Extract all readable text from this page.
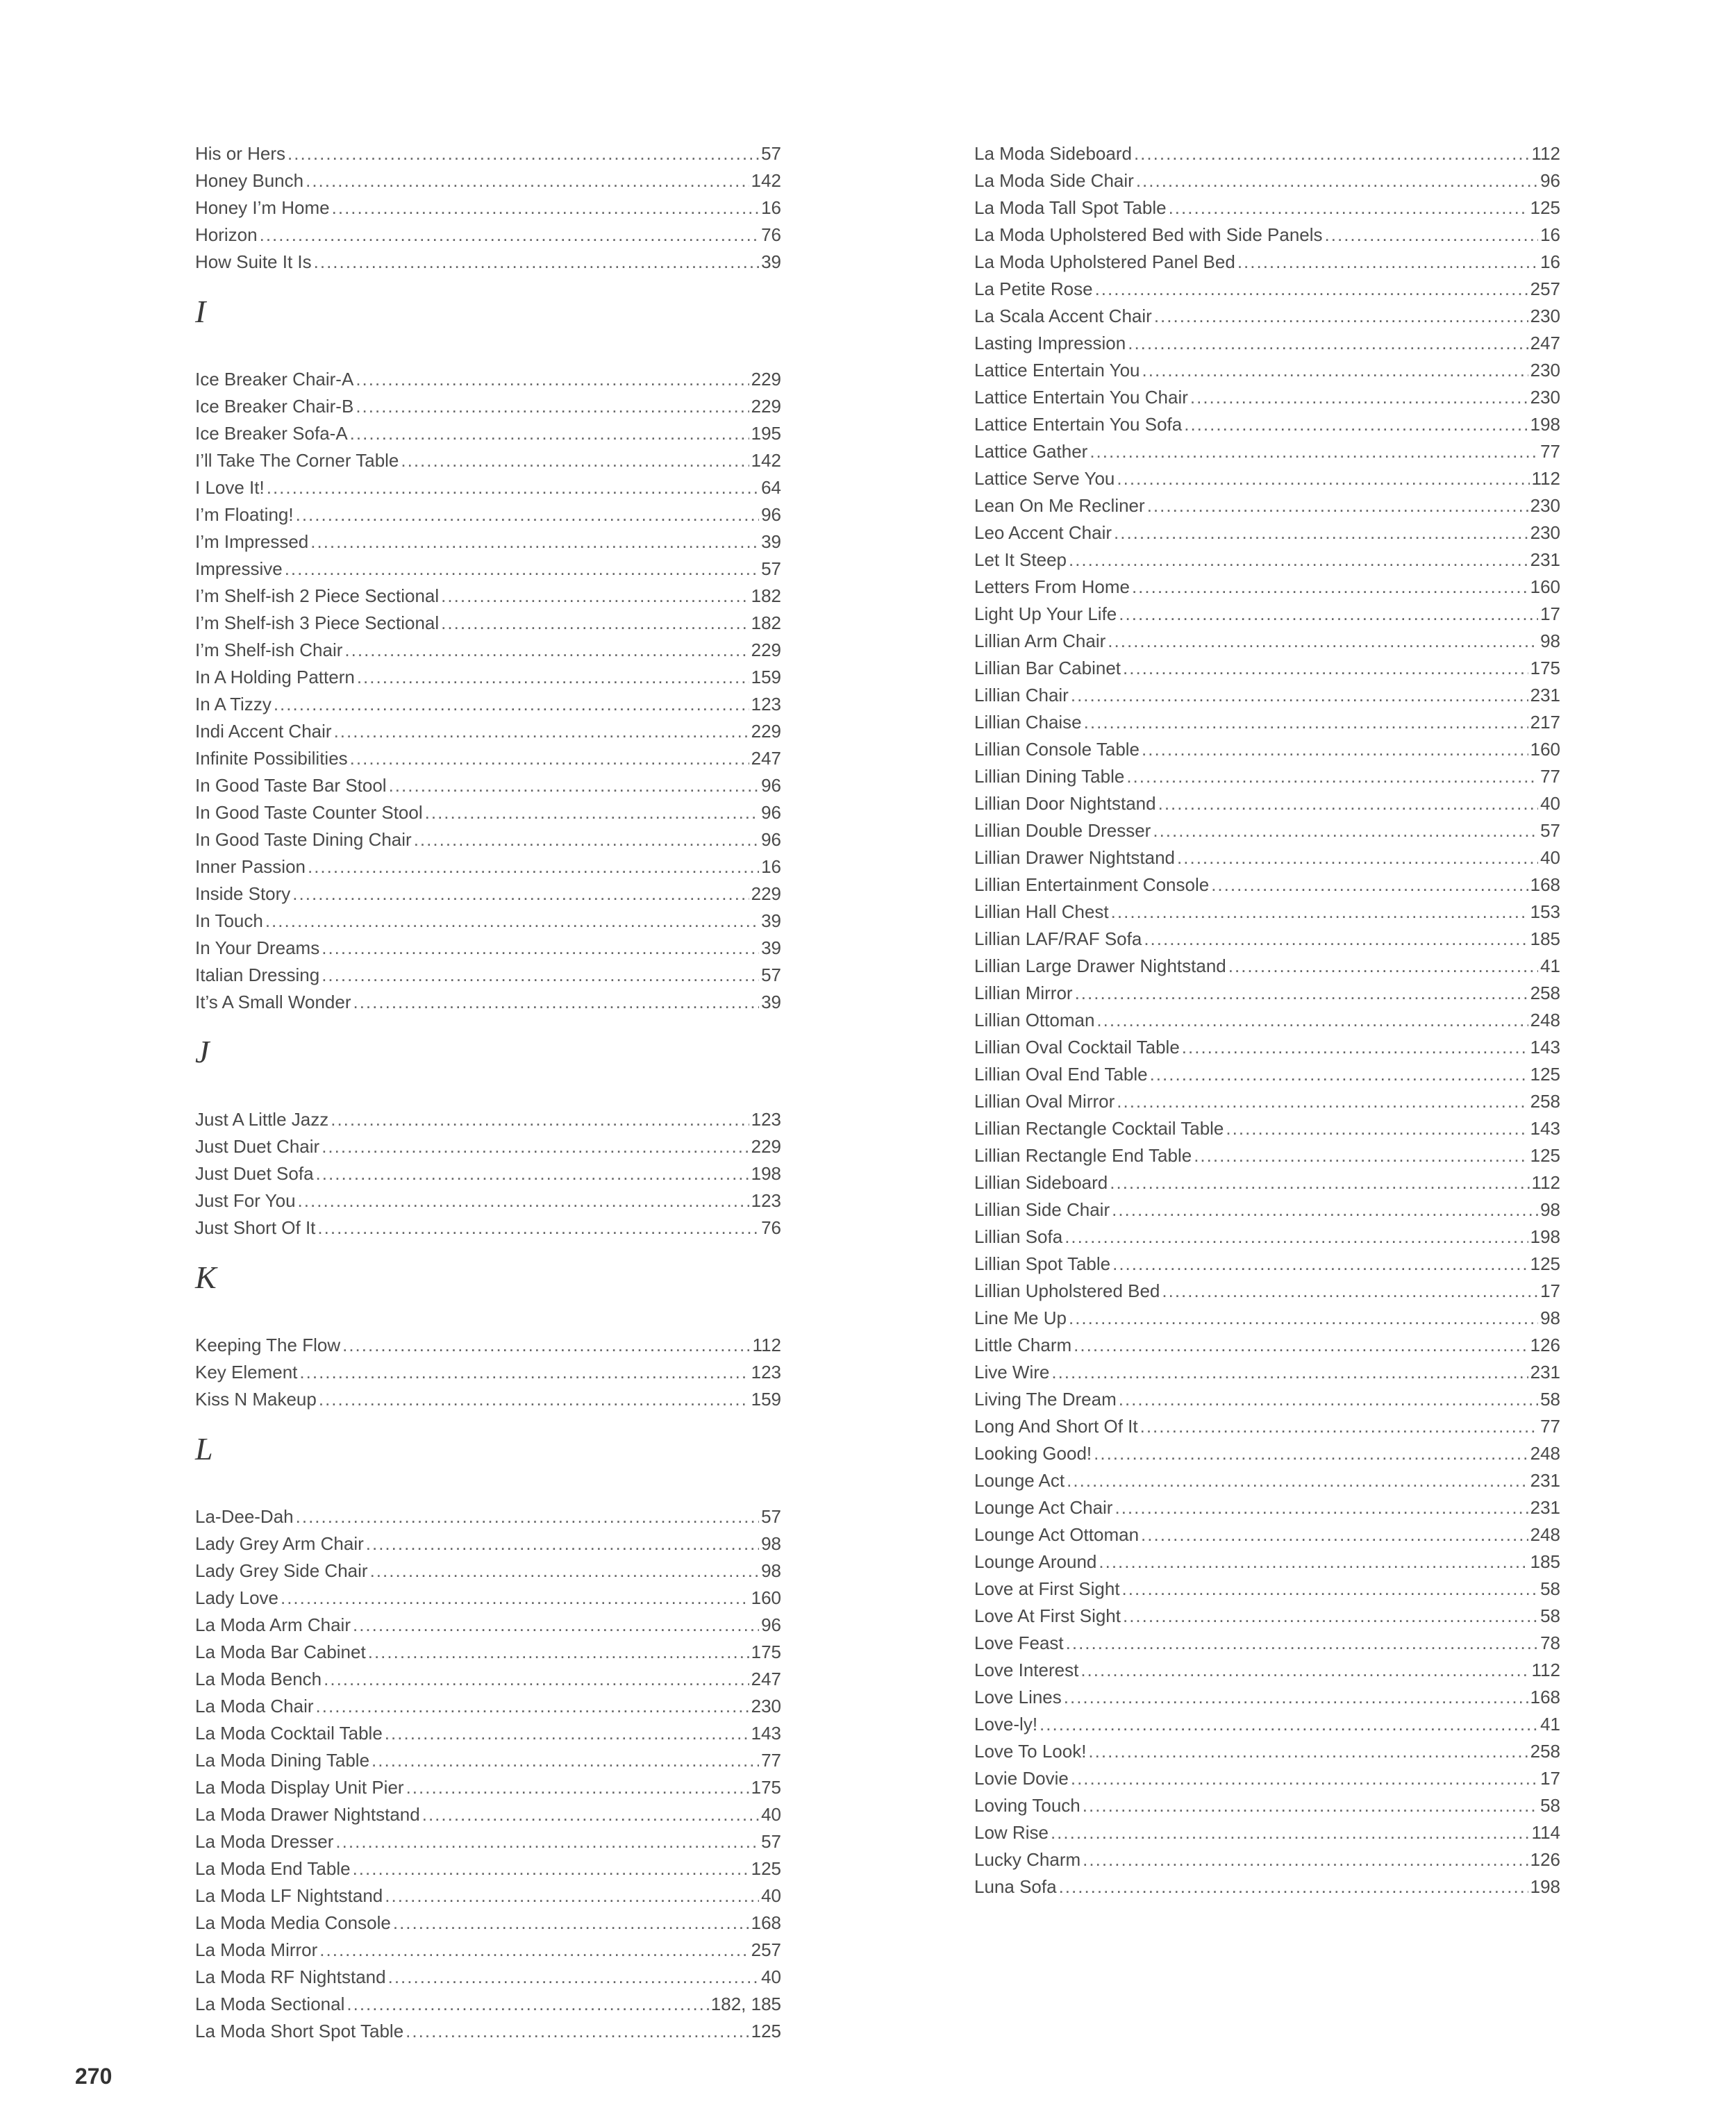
His or Hers .....	57
Honey Bunch .....	142
Honey I’m Home .....	16
Horizon .....	76
How Suite It Is .....	39
I
Ice Breaker Chair-A .....	229
Ice Breaker Chair-B .....	229
Ice Breaker Sofa-A .....	195
I’ll Take The Corner Table .....	142
I Love It! .....	64
I’m Floating! .....	96
I’m Impressed .....	39
Impressive .....	57
I’m Shelf-ish 2 Piece Sectional .....	182
I’m Shelf-ish 3 Piece Sectional .....	182
I’m Shelf-ish Chair .....	229
In A Holding Pattern .....	159
In A Tizzy .....	123
Indi Accent Chair .....	229
Infinite Possibilities .....	247
In Good Taste Bar Stool .....	96
In Good Taste Counter Stool .....	96
In Good Taste Dining Chair .....	96
Inner Passion .....	16
Inside Story .....	229
In Touch .....	39
In Your Dreams .....	39
Italian Dressing .....	57
It’s A Small Wonder .....	39
J
Just A Little Jazz .....	123
Just Duet Chair .....	229
Just Duet Sofa .....	198
Just For You .....	123
Just Short Of It .....	76
K
Keeping The Flow .....	112
Key Element .....	123
Kiss N Makeup .....	159
L
La-Dee-Dah .....	57
Lady Grey Arm Chair .....	98
Lady Grey Side Chair .....	98
Lady Love .....	160
La Moda Arm Chair .....	96
La Moda Bar Cabinet .....	175
La Moda Bench .....	247
La Moda Chair .....	230
La Moda Cocktail Table .....	143
La Moda Dining Table .....	77
La Moda Display Unit Pier .....	175
La Moda Drawer Nightstand .....	40
La Moda Dresser .....	57
La Moda End Table .....	125
La Moda LF Nightstand .....	40
La Moda Media Console .....	168
La Moda Mirror .....	257
La Moda RF Nightstand .....	40
La Moda Sectional .....	182, 185
La Moda Short Spot Table .....	125
La Moda Sideboard .....	112
La Moda Side Chair .....	96
La Moda Tall Spot Table .....	125
La Moda Upholstered Bed with Side Panels .....	16
La Moda Upholstered Panel Bed .....	16
La Petite Rose .....	257
La Scala Accent Chair .....	230
Lasting Impression .....	247
Lattice Entertain You .....	230
Lattice Entertain You Chair .....	230
Lattice Entertain You Sofa .....	198
Lattice Gather .....	77
Lattice Serve You .....	112
Lean On Me Recliner .....	230
Leo Accent Chair .....	230
Let It Steep .....	231
Letters From Home .....	160
Light Up Your Life .....	17
Lillian Arm Chair .....	98
Lillian Bar Cabinet .....	175
Lillian Chair .....	231
Lillian Chaise .....	217
Lillian Console Table .....	160
Lillian Dining Table .....	77
Lillian Door Nightstand .....	40
Lillian Double Dresser .....	57
Lillian Drawer Nightstand .....	40
Lillian Entertainment Console .....	168
Lillian Hall Chest .....	153
Lillian LAF/RAF Sofa .....	185
Lillian Large Drawer Nightstand .....	41
Lillian Mirror .....	258
Lillian Ottoman .....	248
Lillian Oval Cocktail Table .....	143
Lillian Oval End Table .....	125
Lillian Oval Mirror .....	258
Lillian Rectangle Cocktail Table .....	143
Lillian Rectangle End Table .....	125
Lillian Sideboard .....	112
Lillian Side Chair .....	98
Lillian Sofa .....	198
Lillian Spot Table .....	125
Lillian Upholstered Bed .....	17
Line Me Up .....	98
Little Charm .....	126
Live Wire .....	231
Living The Dream .....	58
Long And Short Of It .....	77
Looking Good! .....	248
Lounge Act .....	231
Lounge Act Chair .....	231
Lounge Act Ottoman .....	248
Lounge Around .....	185
Love at First Sight .....	58
Love At First Sight .....	58
Love Feast .....	78
Love Interest .....	112
Love Lines .....	168
Love-ly! .....	41
Love To Look! .....	258
Lovie Dovie .....	17
Loving Touch .....	58
Low Rise .....	114
Lucky Charm .....	126
Luna Sofa .....	198
270
